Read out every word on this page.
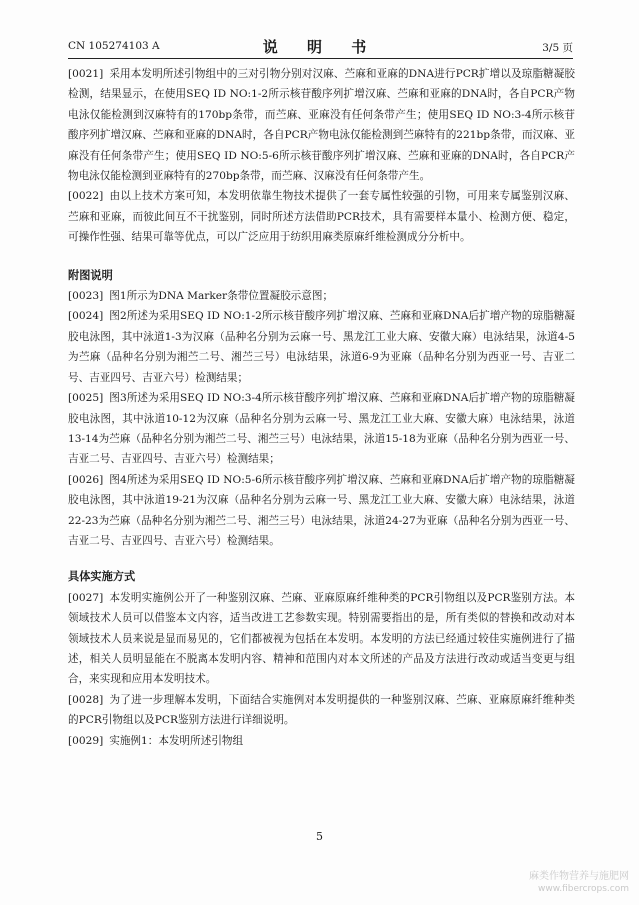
CN 105274103 A	说 明 书	3/5 页

[0021] 采用本发明所述引物组中的三对引物分别对汉麻、苎麻和亚麻的DNA进行PCR扩增以及琼脂糖凝胶检测，结果显示，在使用SEQ ID NO:1-2所示核苷酸序列扩增汉麻、苎麻和亚麻的DNA时，各自PCR产物电泳仅能检测到汉麻特有的170bp条带，而苎麻、亚麻没有任何条带产生；使用SEQ ID NO:3-4所示核苷酸序列扩增汉麻、苎麻和亚麻的DNA时，各自PCR产物电泳仅能检测到苎麻特有的221bp条带，而汉麻、亚麻没有任何条带产生；使用SEQ ID NO:5-6所示核苷酸序列扩增汉麻、苎麻和亚麻的DNA时，各自PCR产物电泳仅能检测到亚麻特有的270bp条带，而苎麻、汉麻没有任何条带产生。

[0022] 由以上技术方案可知，本发明依靠生物技术提供了一套专属性较强的引物，可用来专属鉴别汉麻、苎麻和亚麻，而彼此间互不干扰鉴别，同时所述方法借助PCR技术，具有需要样本量小、检测方便、稳定，可操作性强、结果可靠等优点，可以广泛应用于纺织用麻类原麻纤维检测成分分析中。

附图说明

[0023] 图1所示为DNA Marker条带位置凝胶示意图；

[0024] 图2所述为采用SEQ ID NO:1-2所示核苷酸序列扩增汉麻、苎麻和亚麻DNA后扩增产物的琼脂糖凝胶电泳图，其中泳道1-3为汉麻（品种名分别为云麻一号、黑龙江工业大麻、安徽大麻）电泳结果，泳道4-5为苎麻（品种名分别为湘苎二号、湘苎三号）电泳结果，泳道6-9为亚麻（品种名分别为西亚一号、吉亚二号、吉亚四号、吉亚六号）检测结果；

[0025] 图3所述为采用SEQ ID NO:3-4所示核苷酸序列扩增汉麻、苎麻和亚麻DNA后扩增产物的琼脂糖凝胶电泳图，其中泳道10-12为汉麻（品种名分别为云麻一号、黑龙江工业大麻、安徽大麻）电泳结果，泳道13-14为苎麻（品种名分别为湘苎二号、湘苎三号）电泳结果，泳道15-18为亚麻（品种名分别为西亚一号、吉亚二号、吉亚四号、吉亚六号）检测结果；

[0026] 图4所述为采用SEQ ID NO:5-6所示核苷酸序列扩增汉麻、苎麻和亚麻DNA后扩增产物的琼脂糖凝胶电泳图，其中泳道19-21为汉麻（品种名分别为云麻一号、黑龙江工业大麻、安徽大麻）电泳结果，泳道22-23为苎麻（品种名分别为湘苎二号、湘苎三号）电泳结果，泳道24-27为亚麻（品种名分别为西亚一号、吉亚二号、吉亚四号、吉亚六号）检测结果。

具体实施方式

[0027] 本发明实施例公开了一种鉴别汉麻、苎麻、亚麻原麻纤维种类的PCR引物组以及PCR鉴别方法。本领域技术人员可以借鉴本文内容，适当改进工艺参数实现。特别需要指出的是，所有类似的替换和改动对本领域技术人员来说是显而易见的，它们都被视为包括在本发明。本发明的方法已经通过较佳实施例进行了描述，相关人员明显能在不脱离本发明内容、精神和范围内对本文所述的产品及方法进行改动或适当变更与组合，来实现和应用本发明技术。

[0028] 为了进一步理解本发明，下面结合实施例对本发明提供的一种鉴别汉麻、苎麻、亚麻原麻纤维种类的PCR引物组以及PCR鉴别方法进行详细说明。

[0029] 实施例1：本发明所述引物组

5
麻类作物营养与施肥网
www.fibercrops.com
